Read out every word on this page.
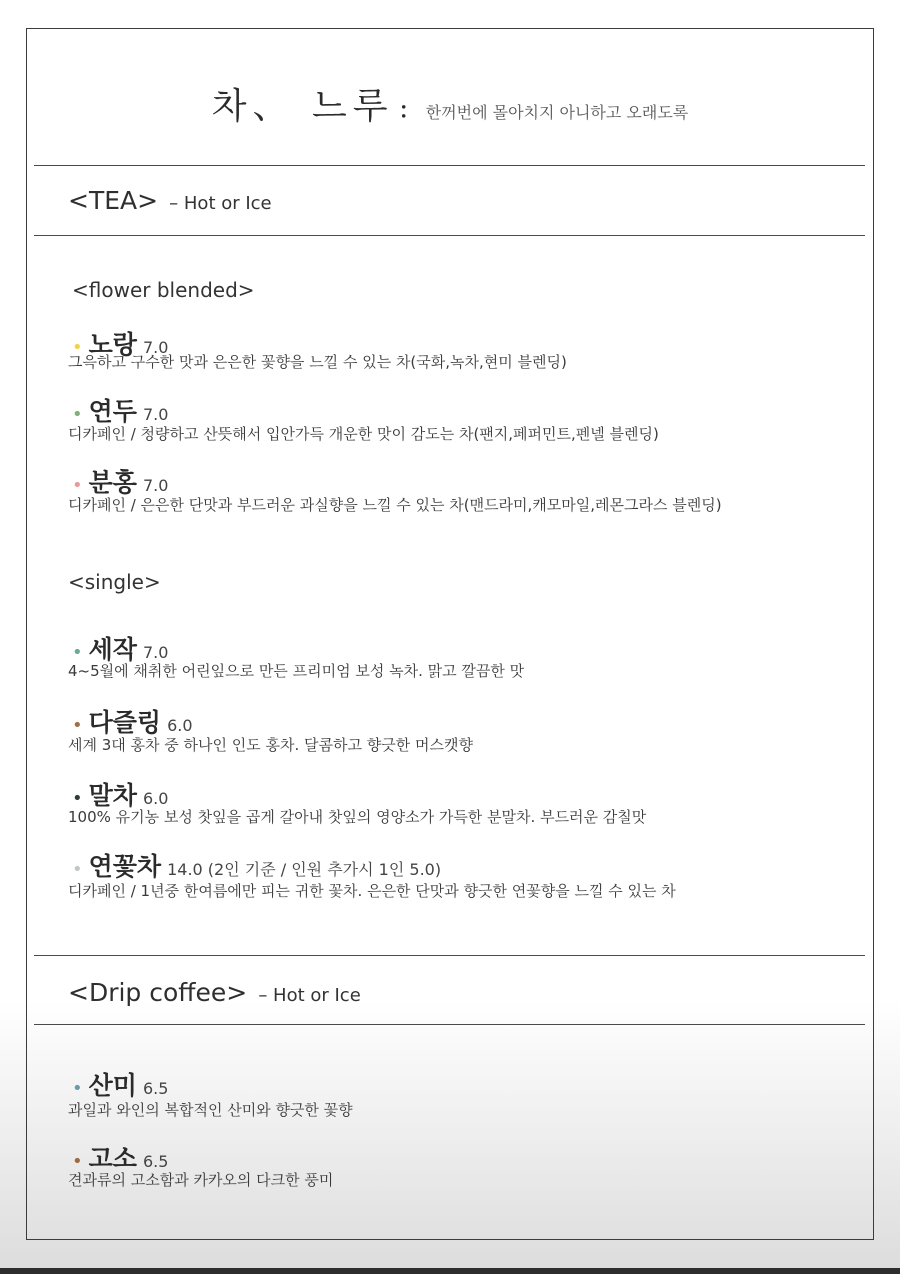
차、 느루 ： 한꺼번에 몰아치지 아니하고 오래도록
<TEA> – Hot or Ice
<flower blended>
• 노랑 7.0
그윽하고 구수한 맛과 은은한 꽃향을 느낄 수 있는 차(국화,녹차,현미 블렌딩)
• 연두 7.0
디카페인 / 청량하고 산뜻해서 입안가득 개운한 맛이 감도는 차(팬지,페퍼민트,펜넬 블렌딩)
• 분홍 7.0
디카페인 / 은은한 단맛과 부드러운 과실향을 느낄 수 있는 차(맨드라미,캐모마일,레몬그라스 블렌딩)
<single>
• 세작 7.0
4~5월에 채취한 어린잎으로 만든 프리미엄 보성 녹차. 맑고 깔끔한 맛
• 다즐링 6.0
세계 3대 홍차 중 하나인 인도 홍차. 달콤하고 향긋한 머스캣향
• 말차 6.0
100% 유기농 보성 찻잎을 곱게 갈아내 찻잎의 영양소가 가득한 분말차. 부드러운 감칠맛
• 연꽃차 14.0 (2인 기준 / 인원 추가시 1인 5.0)
디카페인 / 1년중 한여름에만 피는 귀한 꽃차. 은은한 단맛과 향긋한 연꽃향을 느낄 수 있는 차
<Drip coffee> – Hot or Ice
• 산미 6.5
과일과 와인의 복합적인 산미와 향긋한 꽃향
• 고소 6.5
견과류의 고소함과 카카오의 다크한 풍미
